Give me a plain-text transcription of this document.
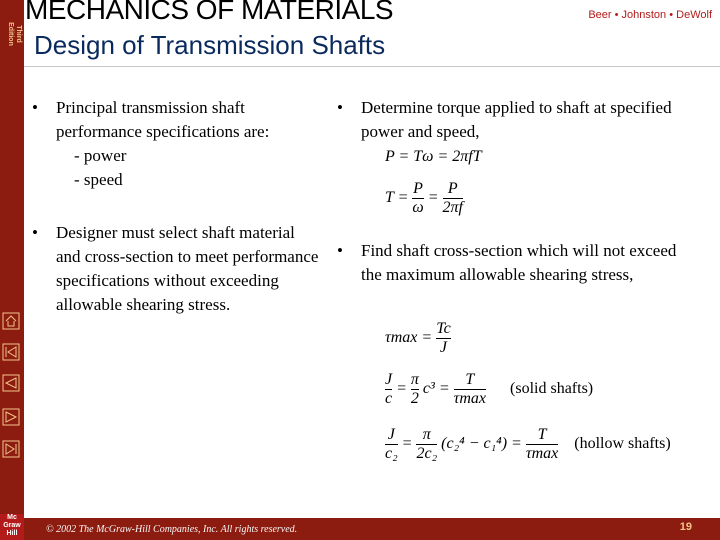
Third
Edition
Mc
Graw
Hill
MECHANICS OF MATERIALS	Beer • Johnston • DeWolf
Design of Transmission Shafts
•	Principal transmission shaft performance specifications are:
- power
- speed
•	Designer must select shaft material and cross-section to meet performance specifications without exceeding allowable shearing stress.
•	Determine torque applied to shaft at specified power and speed,
•	Find shaft cross-section which will not exceed the maximum allowable shearing stress,
P = Tω = 2πfT
$T = \frac{P}{\omega} = \frac{P}{2\pi f}$
$\tau\max = \frac{Tc}{J}$
$\frac{J}{c} = \frac{\pi}{2} c^3 = \frac{T}{\tau\max}$ (solid shafts)
$\frac{J}{\text{c₂}} = \frac{\pi}{\text{2c₂}} (c_2^4 - c_1^4) = \frac{T}{\tau\max}$ (hollow shafts)
© 2002 The McGraw-Hill Companies, Inc. All rights reserved.	19
